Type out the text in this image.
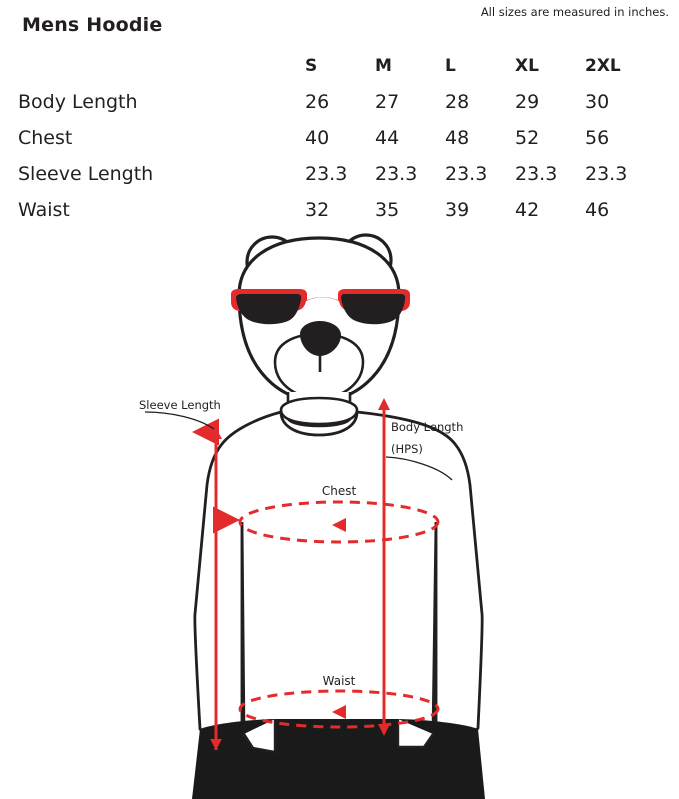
Mens Hoodie
All sizes are measured in inches.
	S	M	L	XL	2XL
Body Length	26	27	28	29	30
Chest	40	44	48	52	56
Sleeve Length	23.3	23.3	23.3	23.3	23.3
Waist	32	35	39	42	46
Sleeve Length
Body Length
(HPS)
Chest
Waist
